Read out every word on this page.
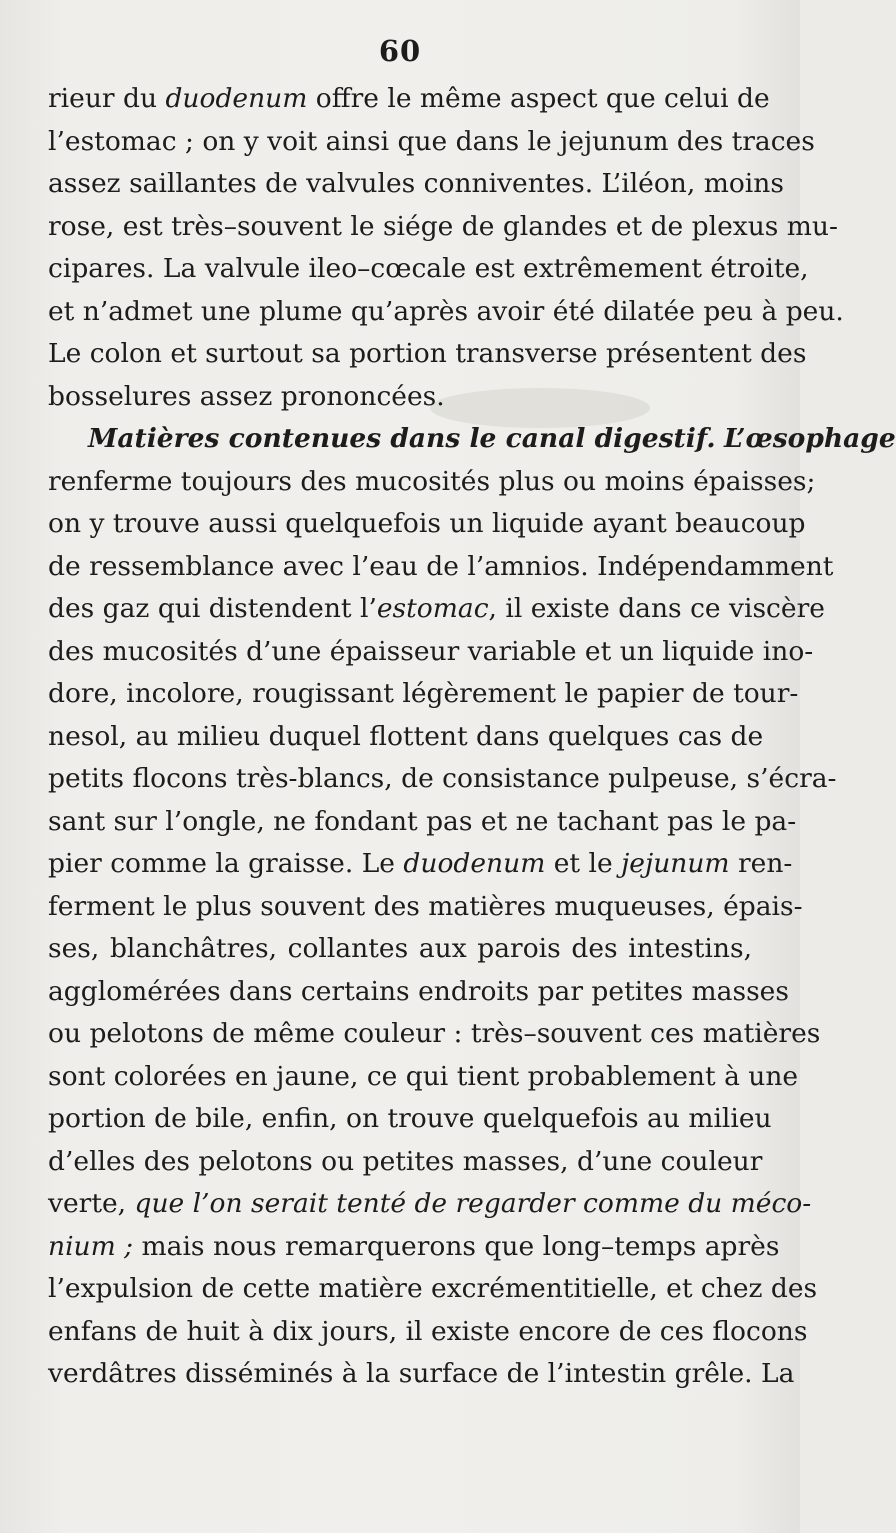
60
rieur du duodenum offre le même aspect que celui de
l’estomac ; on y voit ainsi que dans le jejunum des traces
assez saillantes de valvules conniventes. L’iléon, moins
rose, est très–souvent le siége de glandes et de plexus mu-
cipares. La valvule ileo–cœcale est extrêmement étroite,
et n’admet une plume qu’après avoir été dilatée peu à peu.
Le colon et surtout sa portion transverse présentent des
bosselures assez prononcées.
Matières contenues dans le canal digestif. L’œsophage
renferme toujours des mucosités plus ou moins épaisses;
on y trouve aussi quelquefois un liquide ayant beaucoup
de ressemblance avec l’eau de l’amnios. Indépendamment
des gaz qui distendent l’estomac, il existe dans ce viscère
des mucosités d’une épaisseur variable et un liquide ino-
dore, incolore, rougissant légèrement le papier de tour-
nesol, au milieu duquel flottent dans quelques cas de
petits flocons très-blancs, de consistance pulpeuse, s’écra-
sant sur l’ongle, ne fondant pas et ne tachant pas le pa-
pier comme la graisse. Le duodenum et le jejunum ren-
ferment le plus souvent des matières muqueuses, épais-
ses, blanchâtres, collantes aux parois des intestins,
agglomérées dans certains endroits par petites masses
ou pelotons de même couleur : très–souvent ces matières
sont colorées en jaune, ce qui tient probablement à une
portion de bile, enfin, on trouve quelquefois au milieu
d’elles des pelotons ou petites masses, d’une couleur
verte, que l’on serait tenté de regarder comme du méco-
nium ; mais nous remarquerons que long–temps après
l’expulsion de cette matière excrémentitielle, et chez des
enfans de huit à dix jours, il existe encore de ces flocons
verdâtres disséminés à la surface de l’intestin grêle. La
